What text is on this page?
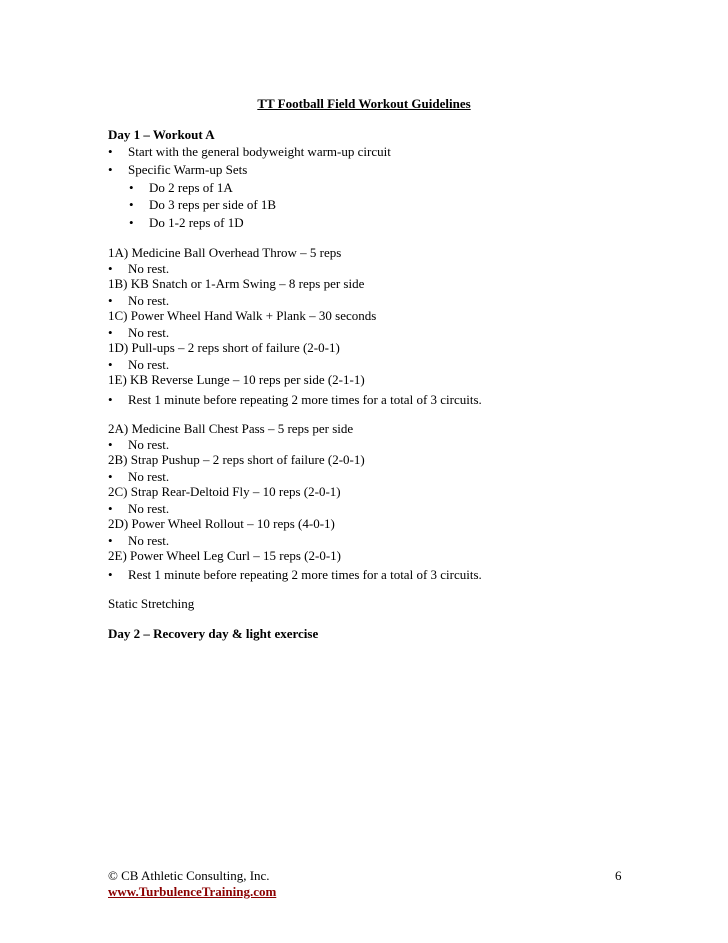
TT Football Field Workout Guidelines
Day 1 – Workout A
• Start with the general bodyweight warm-up circuit
• Specific Warm-up Sets
• Do 2 reps of 1A
• Do 3 reps per side of 1B
• Do 1-2 reps of 1D
1A) Medicine Ball Overhead Throw – 5 reps
• No rest.
1B) KB Snatch or 1-Arm Swing – 8 reps per side
• No rest.
1C) Power Wheel Hand Walk + Plank – 30 seconds
• No rest.
1D) Pull-ups – 2 reps short of failure (2-0-1)
• No rest.
1E) KB Reverse Lunge – 10 reps per side (2-1-1)
• Rest 1 minute before repeating 2 more times for a total of 3 circuits.
2A) Medicine Ball Chest Pass – 5 reps per side
• No rest.
2B) Strap Pushup – 2 reps short of failure (2-0-1)
• No rest.
2C) Strap Rear-Deltoid Fly – 10 reps (2-0-1)
• No rest.
2D) Power Wheel Rollout – 10 reps (4-0-1)
• No rest.
2E) Power Wheel Leg Curl – 15 reps (2-0-1)
• Rest 1 minute before repeating 2 more times for a total of 3 circuits.
Static Stretching
Day 2 – Recovery day & light exercise
© CB Athletic Consulting, Inc.
www.TurbulenceTraining.com
6
